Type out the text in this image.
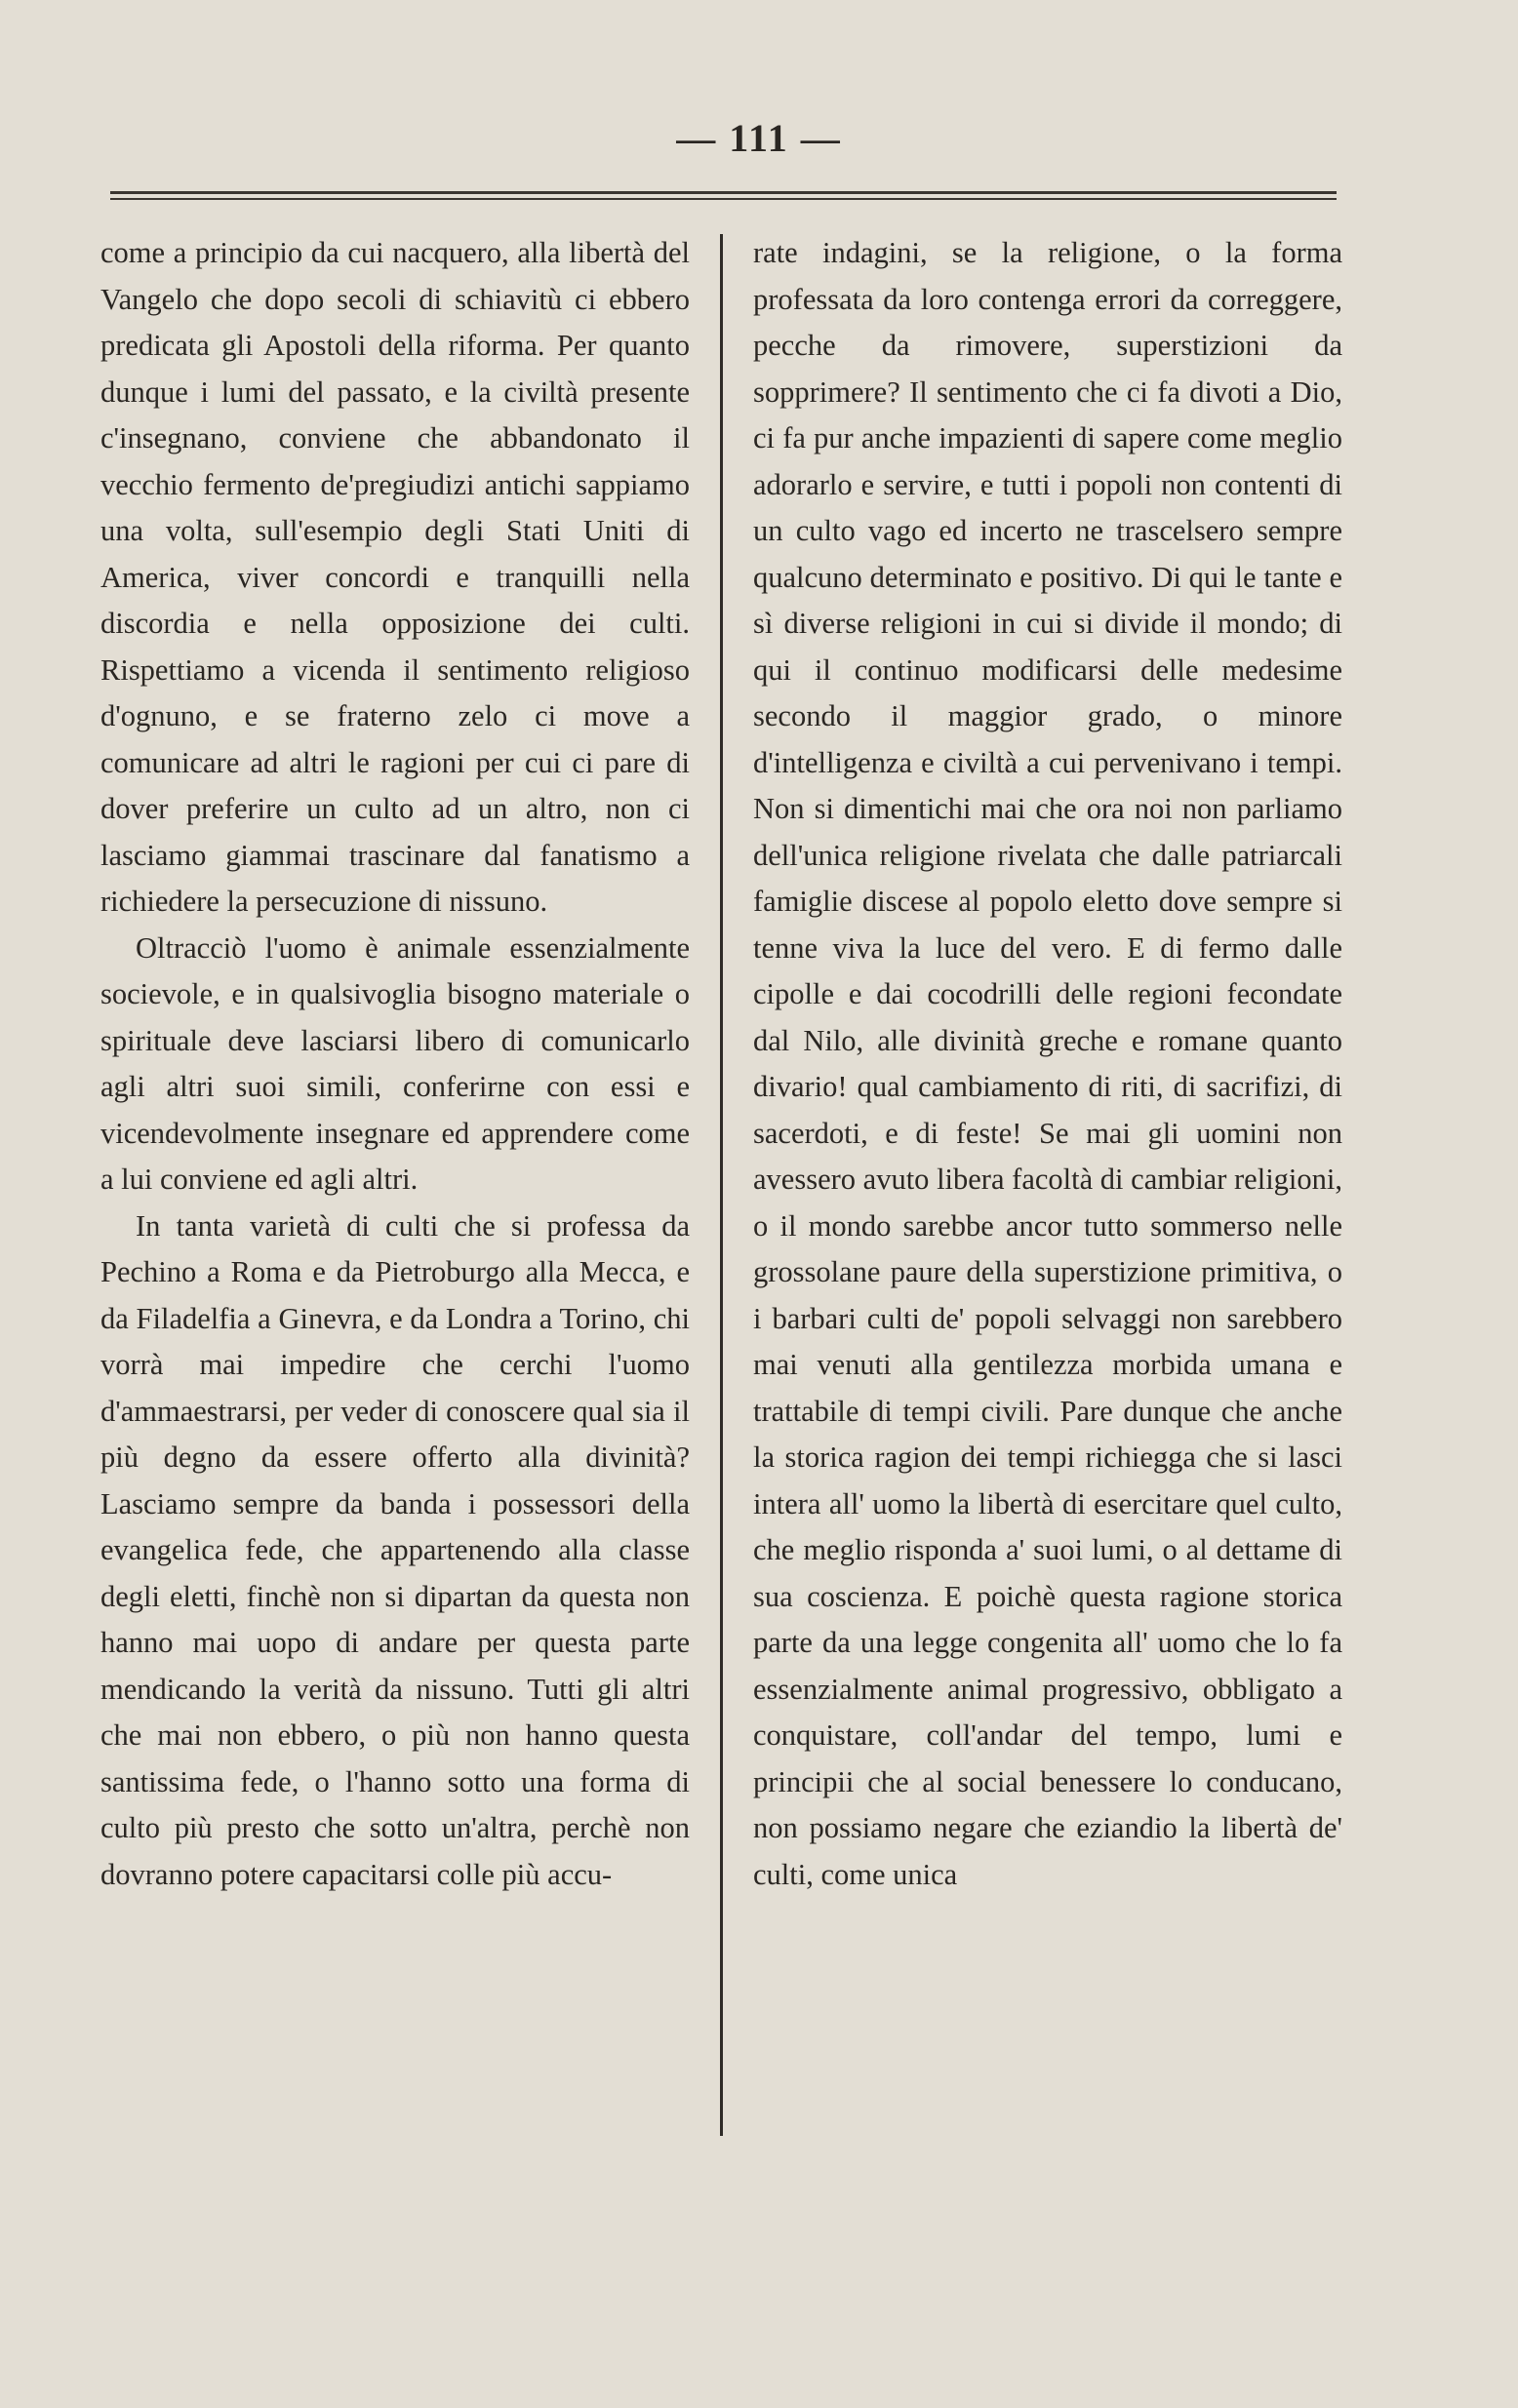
— 111 —

come a principio da cui nacquero, alla libertà del Vangelo che dopo secoli di schiavitù ci ebbero predicata gli Apostoli della riforma. Per quanto dunque i lumi del passato, e la civiltà presente c'insegnano, conviene che abbandonato il vecchio fermento de'pregiudizi antichi sappiamo una volta, sull'esempio degli Stati Uniti di America, viver concordi e tranquilli nella discordia e nella opposizione dei culti. Rispettiamo a vicenda il sentimento religioso d'ognuno, e se fraterno zelo ci move a comunicare ad altri le ragioni per cui ci pare di dover preferire un culto ad un altro, non ci lasciamo giammai trascinare dal fanatismo a richiedere la persecuzione di nissuno.

Oltracciò l'uomo è animale essenzialmente socievole, e in qualsivoglia bisogno materiale o spirituale deve lasciarsi libero di comunicarlo agli altri suoi simili, conferirne con essi e vicendevolmente insegnare ed apprendere come a lui conviene ed agli altri.

In tanta varietà di culti che si professa da Pechino a Roma e da Pietroburgo alla Mecca, e da Filadelfia a Ginevra, e da Londra a Torino, chi vorrà mai impedire che cerchi l'uomo d'ammaestrarsi, per veder di conoscere qual sia il più degno da essere offerto alla divinità? Lasciamo sempre da banda i possessori della evangelica fede, che appartenendo alla classe degli eletti, finchè non si dipartan da questa non hanno mai uopo di andare per questa parte mendicando la verità da nissuno. Tutti gli altri che mai non ebbero, o più non hanno questa santissima fede, o l'hanno sotto una forma di culto più presto che sotto un'altra, perchè non dovranno potere capacitarsi colle più accu-

rate indagini, se la religione, o la forma professata da loro contenga errori da correggere, pecche da rimovere, superstizioni da sopprimere? Il sentimento che ci fa divoti a Dio, ci fa pur anche impazienti di sapere come meglio adorarlo e servire, e tutti i popoli non contenti di un culto vago ed incerto ne trascelsero sempre qualcuno determinato e positivo. Di qui le tante e sì diverse religioni in cui si divide il mondo; di qui il continuo modificarsi delle medesime secondo il maggior grado, o minore d'intelligenza e civiltà a cui pervenivano i tempi. Non si dimentichi mai che ora noi non parliamo dell'unica religione rivelata che dalle patriarcali famiglie discese al popolo eletto dove sempre si tenne viva la luce del vero. E di fermo dalle cipolle e dai cocodrilli delle regioni fecondate dal Nilo, alle divinità greche e romane quanto divario! qual cambiamento di riti, di sacrifizi, di sacerdoti, e di feste! Se mai gli uomini non avessero avuto libera facoltà di cambiar religioni, o il mondo sarebbe ancor tutto sommerso nelle grossolane paure della superstizione primitiva, o i barbari culti de' popoli selvaggi non sarebbero mai venuti alla gentilezza morbida umana e trattabile di tempi civili. Pare dunque che anche la storica ragion dei tempi richiegga che si lasci intera all' uomo la libertà di esercitare quel culto, che meglio risponda a' suoi lumi, o al dettame di sua coscienza. E poichè questa ragione storica parte da una legge congenita all' uomo che lo fa essenzialmente animal progressivo, obbligato a conquistare, coll'andar del tempo, lumi e principii che al social benessere lo conducano, non possiamo negare che eziandio la libertà de' culti, come unica
